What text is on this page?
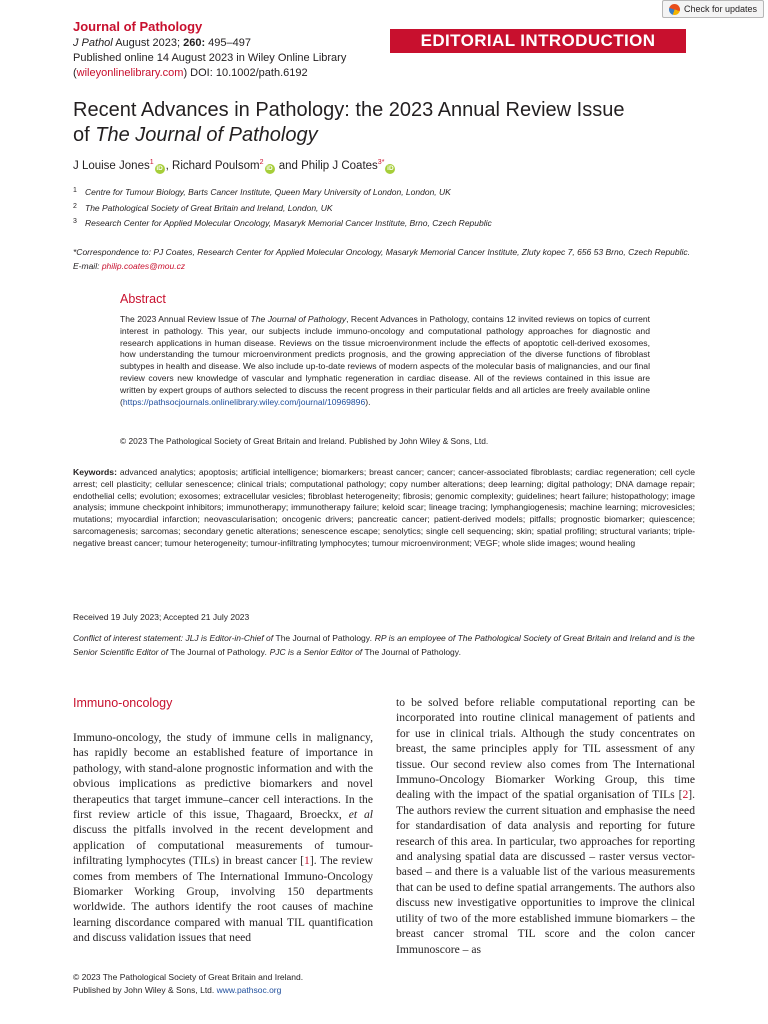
Journal of Pathology
J Pathol August 2023; 260: 495–497
Published online 14 August 2023 in Wiley Online Library
(wileyonlinelibrary.com) DOI: 10.1002/path.6192
Check for updates
EDITORIAL INTRODUCTION
Recent Advances in Pathology: the 2023 Annual Review Issue
of The Journal of Pathology
J Louise Jones$^1$iD , Richard Poulsom$^2$iD and Philip J Coates$^{3*}$iD
1 Centre for Tumour Biology, Barts Cancer Institute, Queen Mary University of London, London, UK
2 The Pathological Society of Great Britain and Ireland, London, UK
3 Research Center for Applied Molecular Oncology, Masaryk Memorial Cancer Institute, Brno, Czech Republic
*Correspondence to: PJ Coates, Research Center for Applied Molecular Oncology, Masaryk Memorial Cancer Institute, Zluty kopec 7, 656 53 Brno, Czech Republic. E-mail: philip.coates@mou.cz
Abstract
The 2023 Annual Review Issue of The Journal of Pathology, Recent Advances in Pathology, contains 12 invited reviews on topics of current interest in pathology. This year, our subjects include immuno-oncology and computational pathology approaches for diagnostic and research applications in human disease. Reviews on the tissue microenvironment include the effects of apoptotic cell-derived exosomes, how understanding the tumour microenvironment predicts prognosis, and the growing appreciation of the diverse functions of fibroblast subtypes in health and disease. We also include up-to-date reviews of modern aspects of the molecular basis of malignancies, and our final review covers new knowledge of vascular and lymphatic regeneration in cardiac disease. All of the reviews contained in this issue are written by expert groups of authors selected to discuss the recent progress in their particular fields and all articles are freely available online (https://pathsocjournals.onlinelibrary.wiley.com/journal/10969896).
© 2023 The Pathological Society of Great Britain and Ireland. Published by John Wiley & Sons, Ltd.
Keywords: advanced analytics; apoptosis; artificial intelligence; biomarkers; breast cancer; cancer; cancer-associated fibroblasts; cardiac regeneration; cell cycle arrest; cell plasticity; cellular senescence; clinical trials; computational pathology; copy number alterations; deep learning; digital pathology; DNA damage repair; endothelial cells; evolution; exosomes; extracellular vesicles; fibroblast heterogeneity; fibrosis; genomic complexity; guidelines; heart failure; histopathology; image analysis; immune checkpoint inhibitors; immunotherapy; immunotherapy failure; keloid scar; lineage tracing; lymphangiogenesis; machine learning; microvesicles; mutations; myocardial infarction; neovascularisation; oncogenic drivers; pancreatic cancer; patient-derived models; pitfalls; prognostic biomarker; quiescence; sarcomagenesis; sarcomas; secondary genetic alterations; senescence escape; senolytics; single cell sequencing; skin; spatial profiling; structural variants; triple-negative breast cancer; tumour heterogeneity; tumour-infiltrating lymphocytes; tumour microenvironment; VEGF; whole slide images; wound healing
Received 19 July 2023; Accepted 21 July 2023
Conflict of interest statement: JLJ is Editor-in-Chief of The Journal of Pathology. RP is an employee of The Pathological Society of Great Britain and Ireland and is the Senior Scientific Editor of The Journal of Pathology. PJC is a Senior Editor of The Journal of Pathology.
Immuno-oncology

Immuno-oncology, the study of immune cells in malignancy, has rapidly become an established feature of importance in pathology, with stand-alone prognostic information and with the obvious implications as predictive biomarkers and novel therapeutics that target immune–cancer cell interactions. In the first review article of this issue, Thagaard, Broeckx, et al discuss the pitfalls involved in the recent development and application of computational measurements of tumour-infiltrating lymphocytes (TILs) in breast cancer [1]. The review comes from members of The International Immuno-Oncology Biomarker Working Group, involving 150 departments worldwide. The authors identify the root causes of machine learning discordance compared with manual TIL quantification and discuss validation issues that need

to be solved before reliable computational reporting can be incorporated into routine clinical management of patients and for use in clinical trials. Although the study concentrates on breast, the same principles apply for TIL assessment of any tissue. Our second review also comes from The International Immuno-Oncology Biomarker Working Group, this time dealing with the impact of the spatial organisation of TILs [2]. The authors review the current situation and emphasise the need for standardisation of data analysis and reporting for future research of this area. In particular, two approaches for reporting and analysing spatial data are discussed – raster versus vector-based – and there is a valuable list of the various measurements that can be used to define spatial arrangements. The authors also discuss new investigative opportunities to improve the clinical utility of two of the more established immune biomarkers – the breast cancer stromal TIL score and the colon cancer Immunoscore – as

© 2023 The Pathological Society of Great Britain and Ireland.
Published by John Wiley & Sons, Ltd. www.pathsoc.org
